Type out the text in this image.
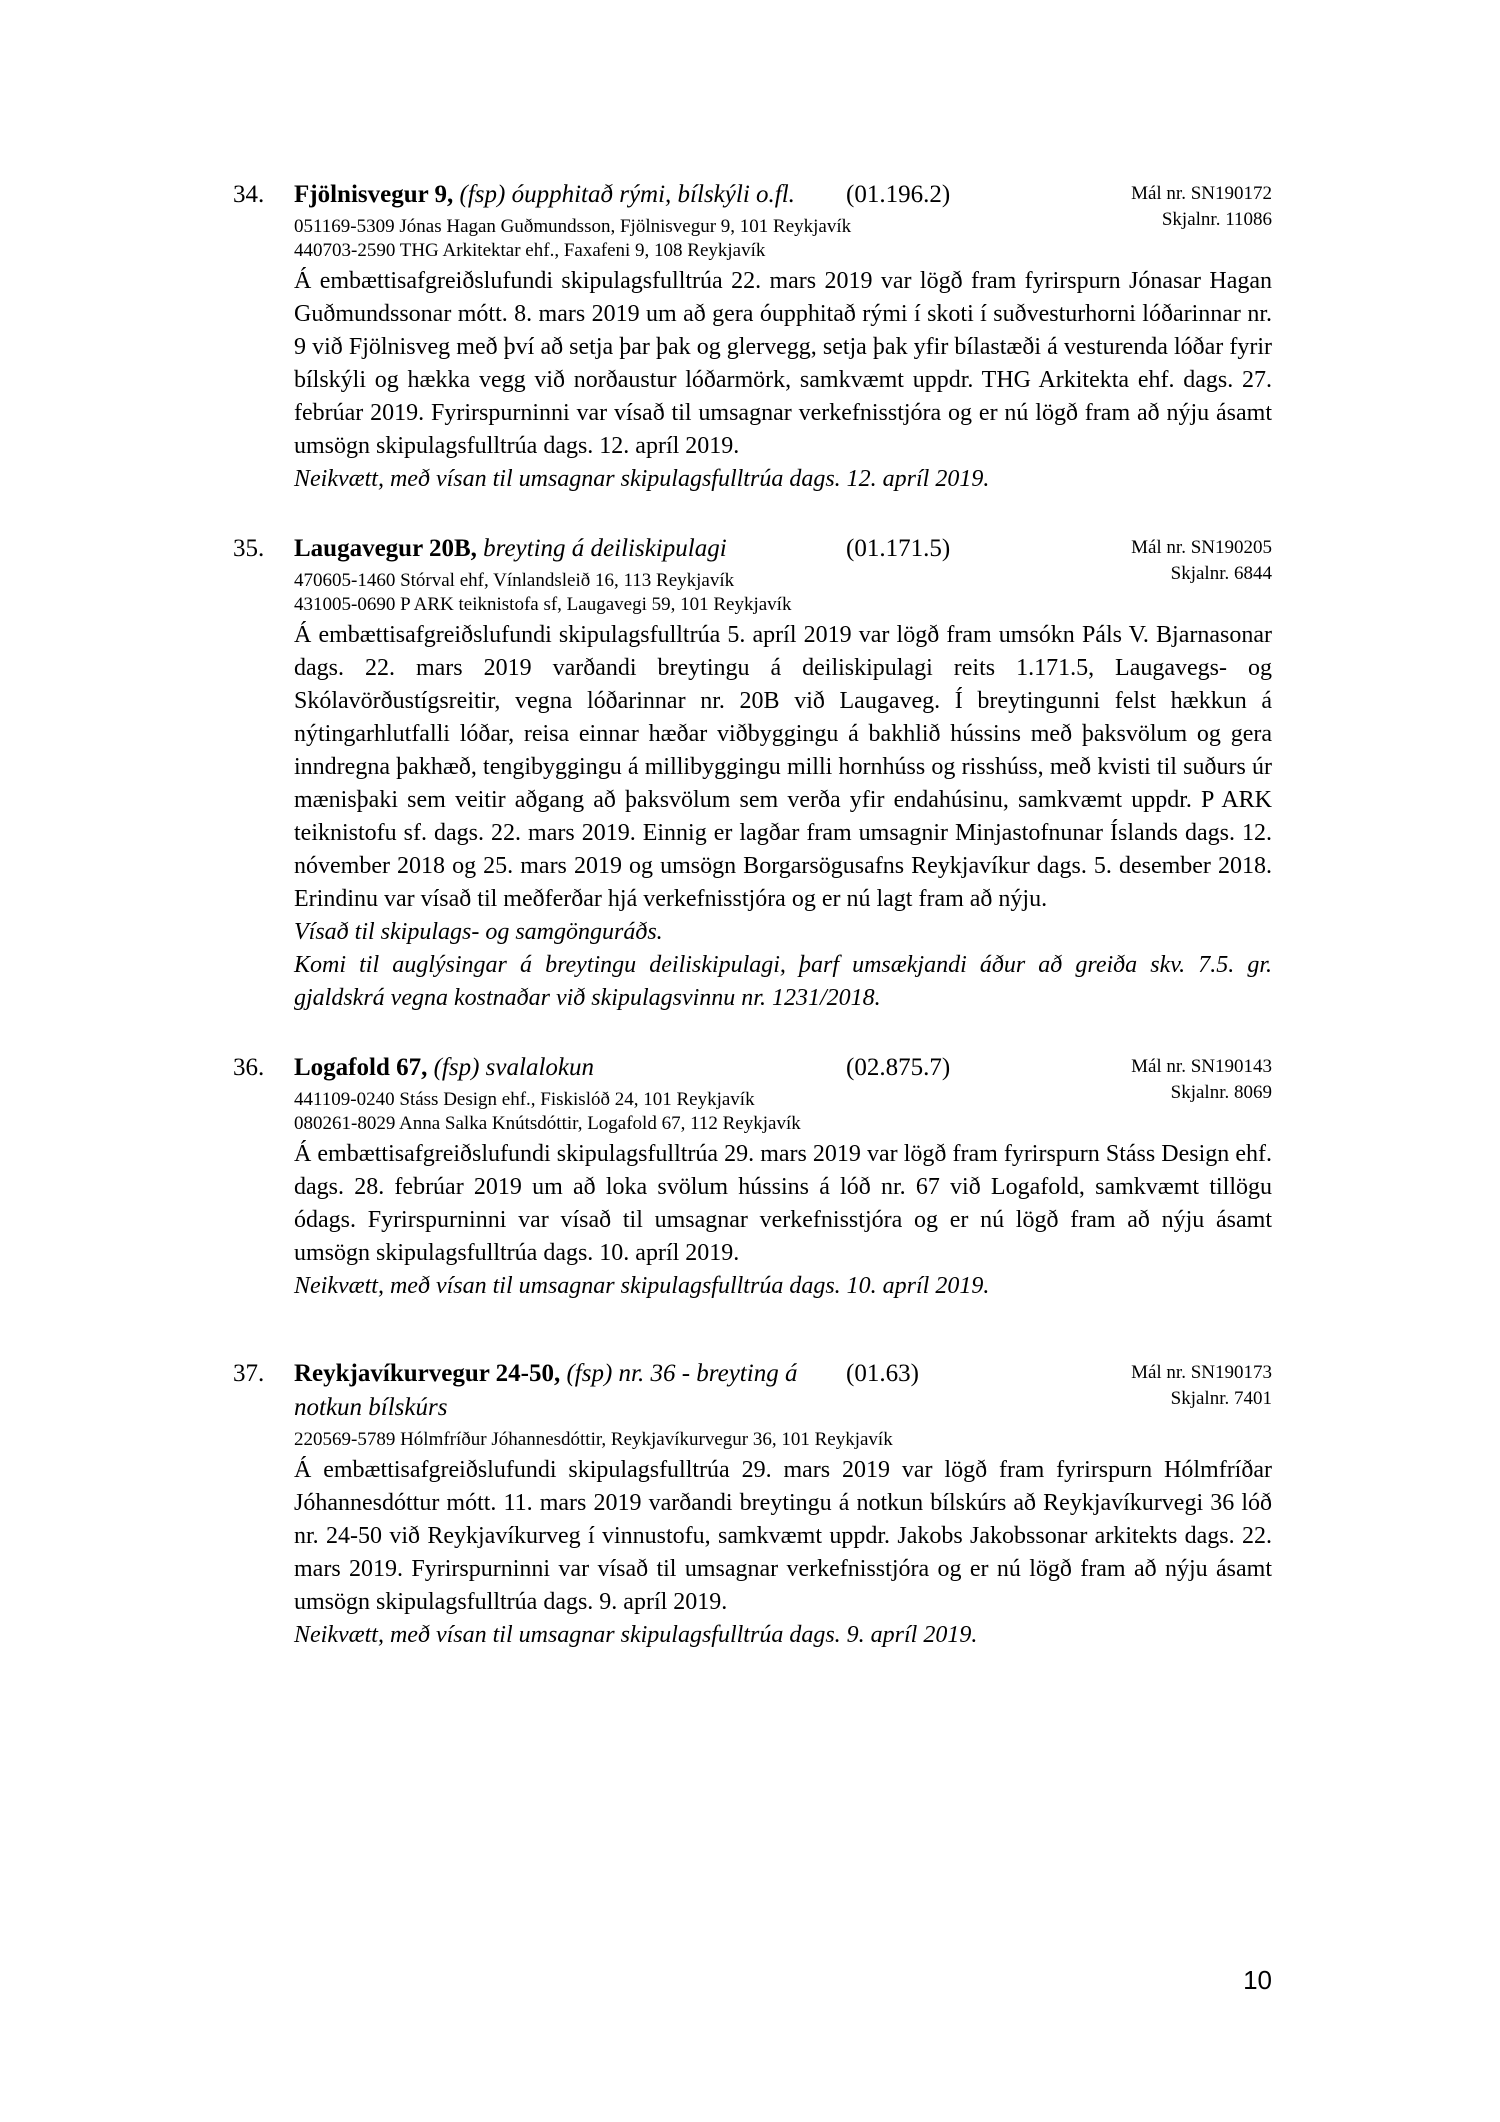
34.	Fjölnisvegur 9, (fsp) óupphitað rými, bílskýli o.fl.	(01.196.2)
051169-5309 Jónas Hagan Guðmundsson, Fjölnisvegur 9, 101 Reykjavík
440703-2590 THG Arkitektar ehf., Faxafeni 9, 108 Reykjavík

Á embættisafgreiðslufundi skipulagsfulltrúa 22. mars 2019 var lögð fram fyrirspurn Jónasar Hagan Guðmundssonar mótt. 8. mars 2019 um að gera óupphitað rými í skoti í suðvesturhorni lóðarinnar nr. 9 við Fjölnisveg með því að setja þar þak og glervegg, setja þak yfir bílastæði á vesturenda lóðar fyrir bílskýli og hækka vegg við norðaustur lóðarmörk, samkvæmt uppdr. THG Arkitekta ehf. dags. 27. febrúar 2019. Fyrirspurninni var vísað til umsagnar verkefnisstjóra og er nú lögð fram að nýju ásamt umsögn skipulagsfulltrúa dags. 12. apríl 2019.

Neikvætt, með vísan til umsagnar skipulagsfulltrúa dags. 12. apríl 2019.

Mál nr. SN190172
Skjalnr. 11086
35.	Laugavegur 20B, breyting á deiliskipulagi	(01.171.5)
470605-1460 Stórval ehf, Vínlandsleið 16, 113 Reykjavík
431005-0690 P ARK teiknistofa sf, Laugavegi 59, 101 Reykjavík

Á embættisafgreiðslufundi skipulagsfulltrúa 5. apríl 2019 var lögð fram umsókn Páls V. Bjarnasonar dags. 22. mars 2019 varðandi breytingu á deiliskipulagi reits 1.171.5, Laugavegs- og Skólavörðustígsreitir, vegna lóðarinnar nr. 20B við Laugaveg. Í breytingunni felst hækkun á nýtingarhlutfalli lóðar, reisa einnar hæðar viðbyggingu á bakhlið hússins með þaksvölum og gera inndregna þakhæð, tengibyggingu á millibyggingu milli hornhúss og risshúss, með kvisti til suðurs úr mænisþaki sem veitir aðgang að þaksvölum sem verða yfir endahúsinu, samkvæmt uppdr. P ARK teiknistofu sf. dags. 22. mars 2019. Einnig er lagðar fram umsagnir Minjastofnunar Íslands dags. 12. nóvember 2018 og 25. mars 2019 og umsögn Borgarsögusafns Reykjavíkur dags. 5. desember 2018. Erindinu var vísað til meðferðar hjá verkefnisstjóra og er nú lagt fram að nýju.

Vísað til skipulags- og samgönguráðs.

Komi til auglýsingar á breytingu deiliskipulagi, þarf umsækjandi áður að greiða skv. 7.5. gr. gjaldskrá vegna kostnaðar við skipulagsvinnu nr. 1231/2018.

Mál nr. SN190205
Skjalnr. 6844
36.	Logafold 67, (fsp) svalalokun	(02.875.7)
441109-0240 Stáss Design ehf., Fiskislóð 24, 101 Reykjavík
080261-8029 Anna Salka Knútsdóttir, Logafold 67, 112 Reykjavík

Á embættisafgreiðslufundi skipulagsfulltrúa 29. mars 2019 var lögð fram fyrirspurn Stáss Design ehf. dags. 28. febrúar 2019 um að loka svölum hússins á lóð nr. 67 við Logafold, samkvæmt tillögu ódags. Fyrirspurninni var vísað til umsagnar verkefnisstjóra og er nú lögð fram að nýju ásamt umsögn skipulagsfulltrúa dags. 10. apríl 2019.

Neikvætt, með vísan til umsagnar skipulagsfulltrúa dags. 10. apríl 2019.

Mál nr. SN190143
Skjalnr. 8069
37.	Reykjavíkurvegur 24-50, (fsp) nr. 36 - breyting á notkun bílskúrs
(01.63)
220569-5789 Hólmfríður Jóhannesdóttir, Reykjavíkurvegur 36, 101 Reykjavík

Á embættisafgreiðslufundi skipulagsfulltrúa 29. mars 2019 var lögð fram fyrirspurn Hólmfríðar Jóhannesdóttur mótt. 11. mars 2019 varðandi breytingu á notkun bílskúrs að Reykjavíkurvegi 36 lóð nr. 24-50 við Reykjavíkurveg í vinnustofu, samkvæmt uppdr. Jakobs Jakobssonar arkitekts dags. 22. mars 2019. Fyrirspurninni var vísað til umsagnar verkefnisstjóra og er nú lögð fram að nýju ásamt umsögn skipulagsfulltrúa dags. 9. apríl 2019.

Neikvætt, með vísan til umsagnar skipulagsfulltrúa dags. 9. apríl 2019.

Mál nr. SN190173
Skjalnr. 7401
10
